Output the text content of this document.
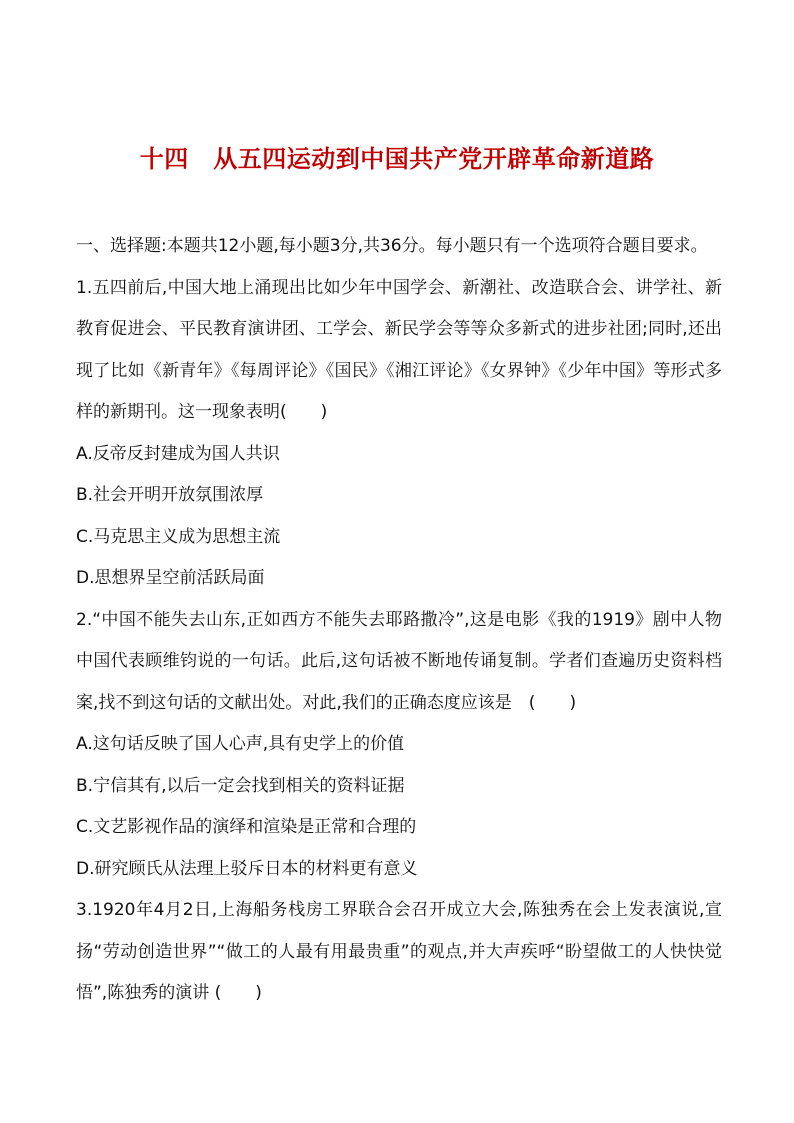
十四　从五四运动到中国共产党开辟革命新道路

一、选择题:本题共12小题,每小题3分,共36分。每小题只有一个选项符合题目要求。

1.五四前后,中国大地上涌现出比如少年中国学会、新潮社、改造联合会、讲学社、新教育促进会、平民教育演讲团、工学会、新民学会等等众多新式的进步社团;同时,还出现了比如《新青年》《每周评论》《国民》《湘江评论》《女界钟》《少年中国》等形式多样的新期刊。这一现象表明(　　)

A.反帝反封建成为国人共识

B.社会开明开放氛围浓厚

C.马克思主义成为思想主流

D.思想界呈空前活跃局面

2.“中国不能失去山东,正如西方不能失去耶路撒冷”,这是电影《我的1919》剧中人物中国代表顾维钧说的一句话。此后,这句话被不断地传诵复制。学者们查遍历史资料档案,找不到这句话的文献出处。对此,我们的正确态度应该是　(　　)

A.这句话反映了国人心声,具有史学上的价值

B.宁信其有,以后一定会找到相关的资料证据

C.文艺影视作品的演绎和渲染是正常和合理的

D.研究顾氏从法理上驳斥日本的材料更有意义

3.1920年4月2日,上海船务栈房工界联合会召开成立大会,陈独秀在会上发表演说,宣扬“劳动创造世界”“做工的人最有用最贵重”的观点,并大声疾呼“盼望做工的人快快觉悟”,陈独秀的演讲 (　　)
